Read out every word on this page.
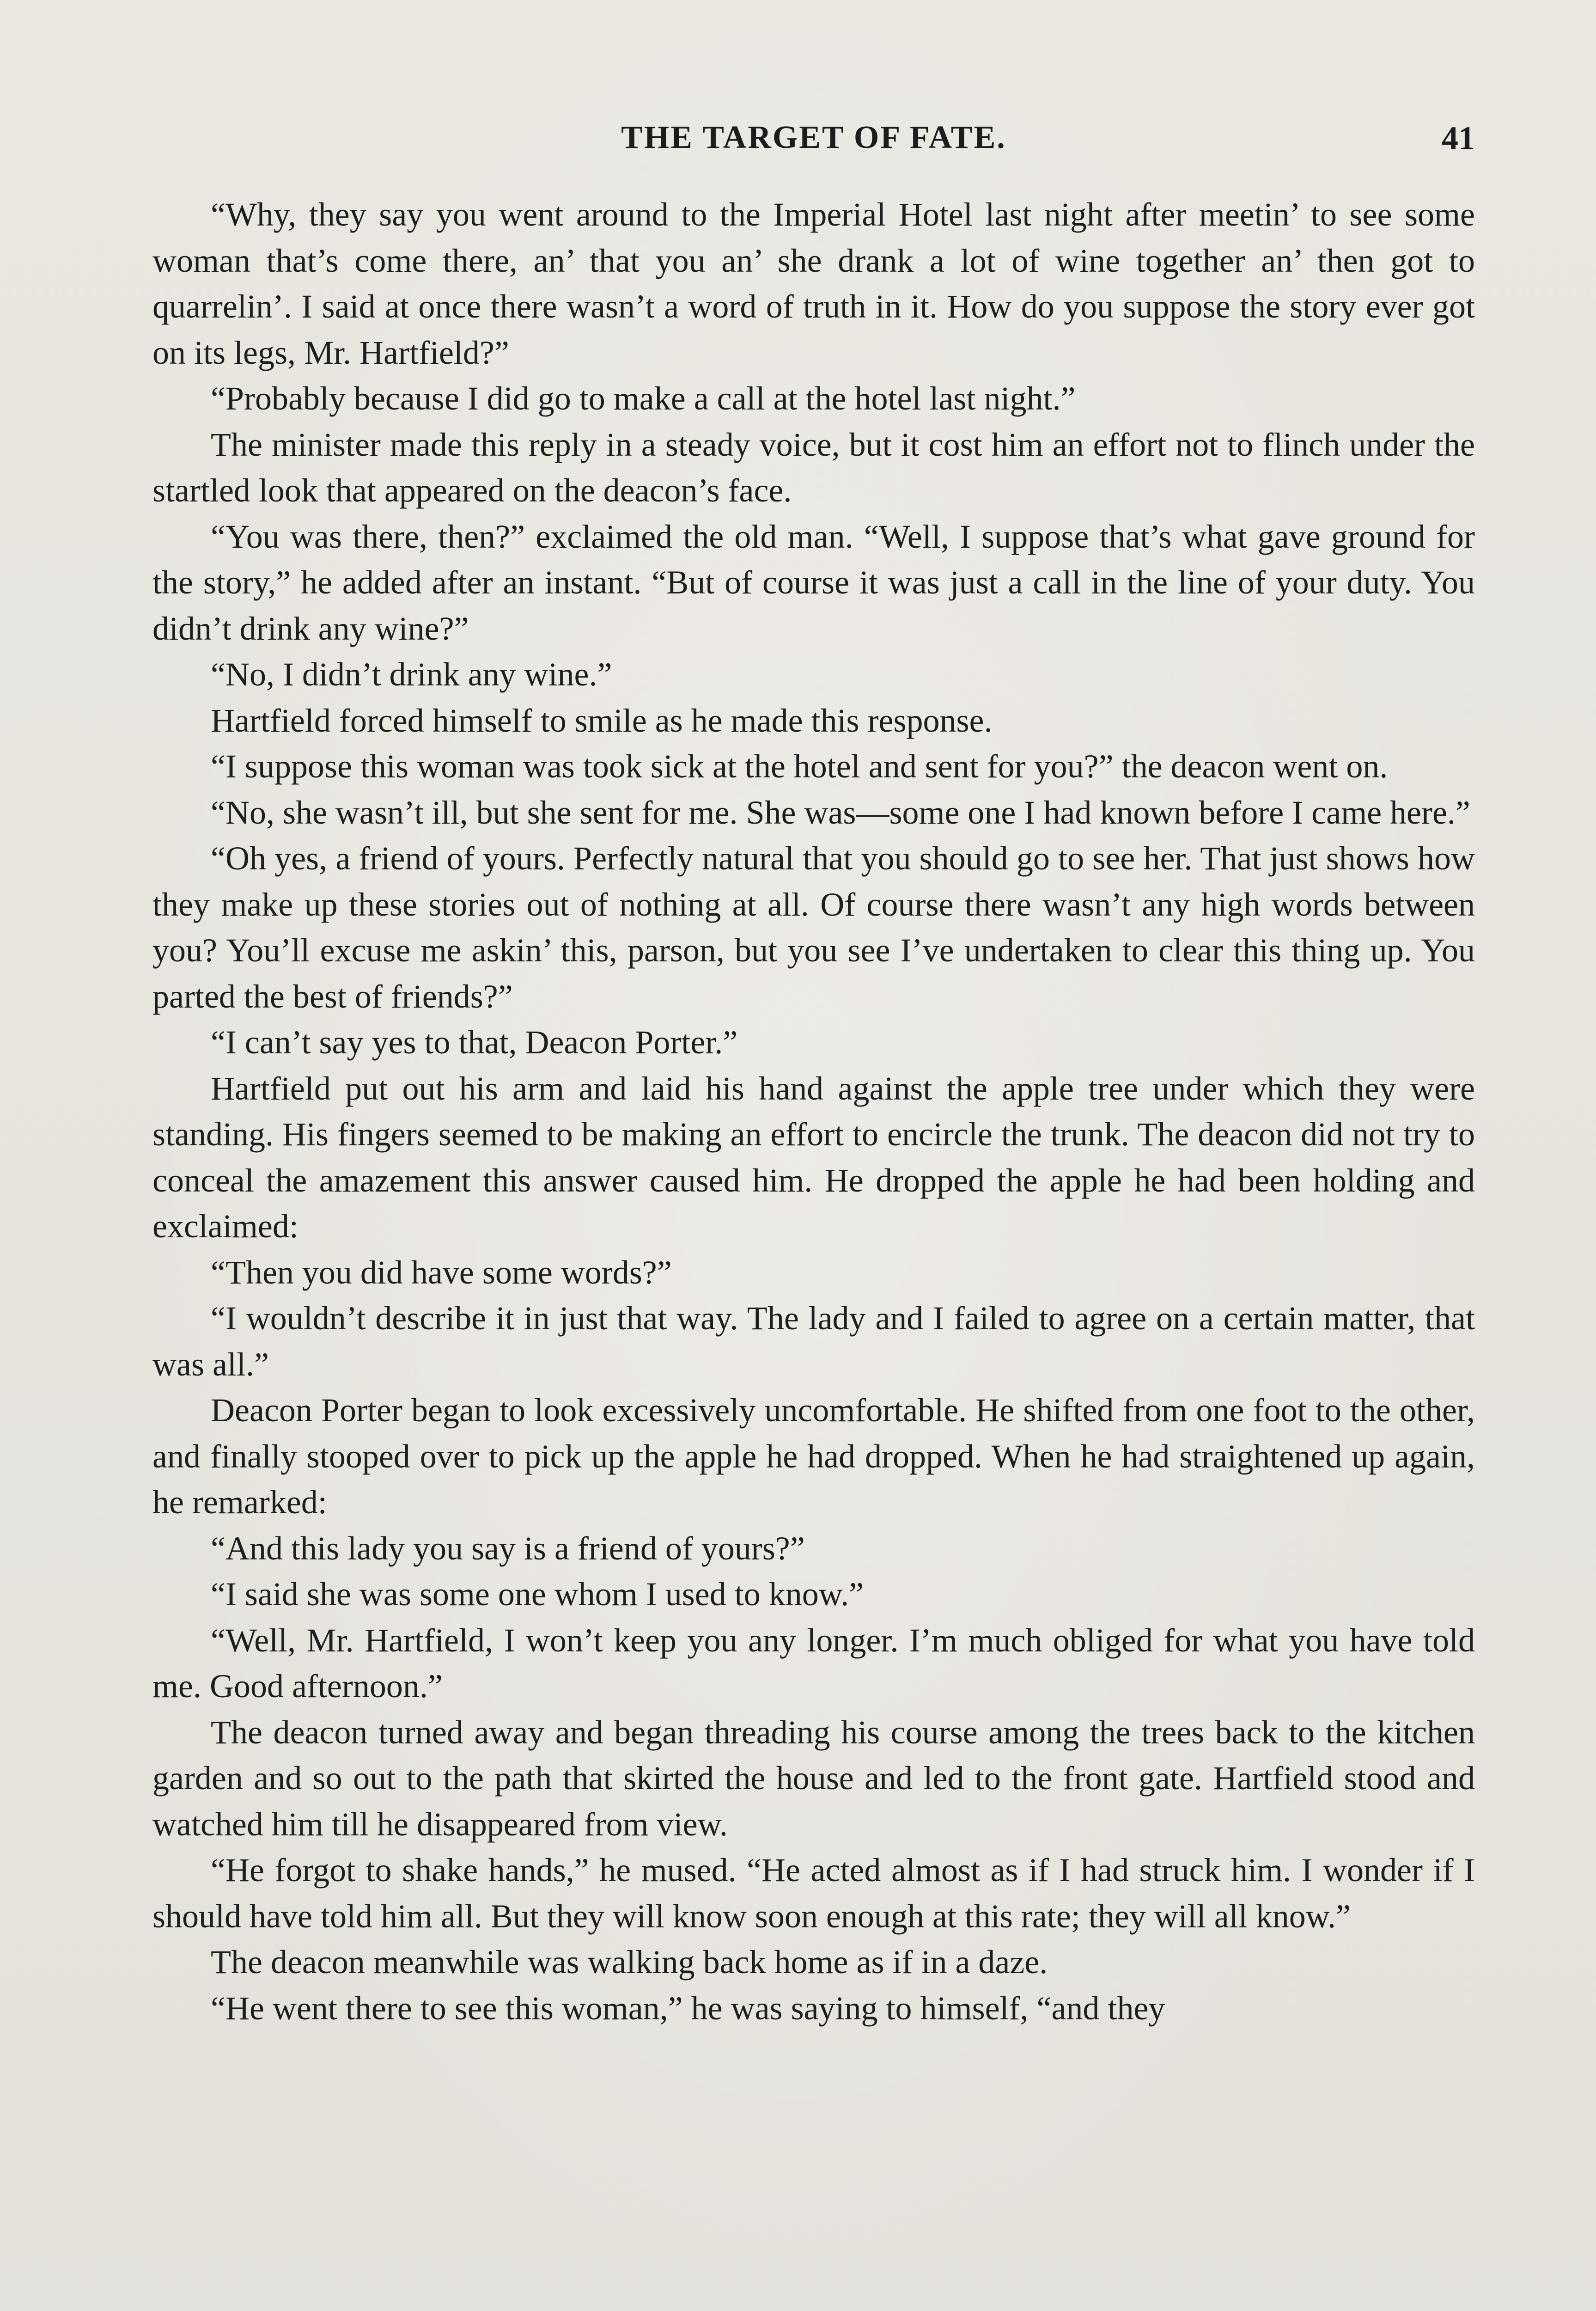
THE TARGET OF FATE.	41

“Why, they say you went around to the Imperial Hotel last night after meetin’ to see some woman that’s come there, an’ that you an’ she drank a lot of wine together an’ then got to quarrelin’. I said at once there wasn’t a word of truth in it. How do you suppose the story ever got on its legs, Mr. Hartfield?”

“Probably because I did go to make a call at the hotel last night.”

The minister made this reply in a steady voice, but it cost him an effort not to flinch under the startled look that appeared on the deacon’s face.

“You was there, then?” exclaimed the old man. “Well, I suppose that’s what gave ground for the story,” he added after an instant. “But of course it was just a call in the line of your duty. You didn’t drink any wine?”

“No, I didn’t drink any wine.”

Hartfield forced himself to smile as he made this response.

“I suppose this woman was took sick at the hotel and sent for you?” the deacon went on.

“No, she wasn’t ill, but she sent for me. She was—some one I had known before I came here.”

“Oh yes, a friend of yours. Perfectly natural that you should go to see her. That just shows how they make up these stories out of nothing at all. Of course there wasn’t any high words between you? You’ll excuse me askin’ this, parson, but you see I’ve undertaken to clear this thing up. You parted the best of friends?”

“I can’t say yes to that, Deacon Porter.”

Hartfield put out his arm and laid his hand against the apple tree under which they were standing. His fingers seemed to be making an effort to encircle the trunk. The deacon did not try to conceal the amazement this answer caused him. He dropped the apple he had been holding and exclaimed:

“Then you did have some words?”

“I wouldn’t describe it in just that way. The lady and I failed to agree on a certain matter, that was all.”

Deacon Porter began to look excessively uncomfortable. He shifted from one foot to the other, and finally stooped over to pick up the apple he had dropped. When he had straightened up again, he remarked:

“And this lady you say is a friend of yours?”

“I said she was some one whom I used to know.”

“Well, Mr. Hartfield, I won’t keep you any longer. I’m much obliged for what you have told me. Good afternoon.”

The deacon turned away and began threading his course among the trees back to the kitchen garden and so out to the path that skirted the house and led to the front gate. Hartfield stood and watched him till he disappeared from view.

“He forgot to shake hands,” he mused. “He acted almost as if I had struck him. I wonder if I should have told him all. But they will know soon enough at this rate; they will all know.”

The deacon meanwhile was walking back home as if in a daze.

“He went there to see this woman,” he was saying to himself, “and they
